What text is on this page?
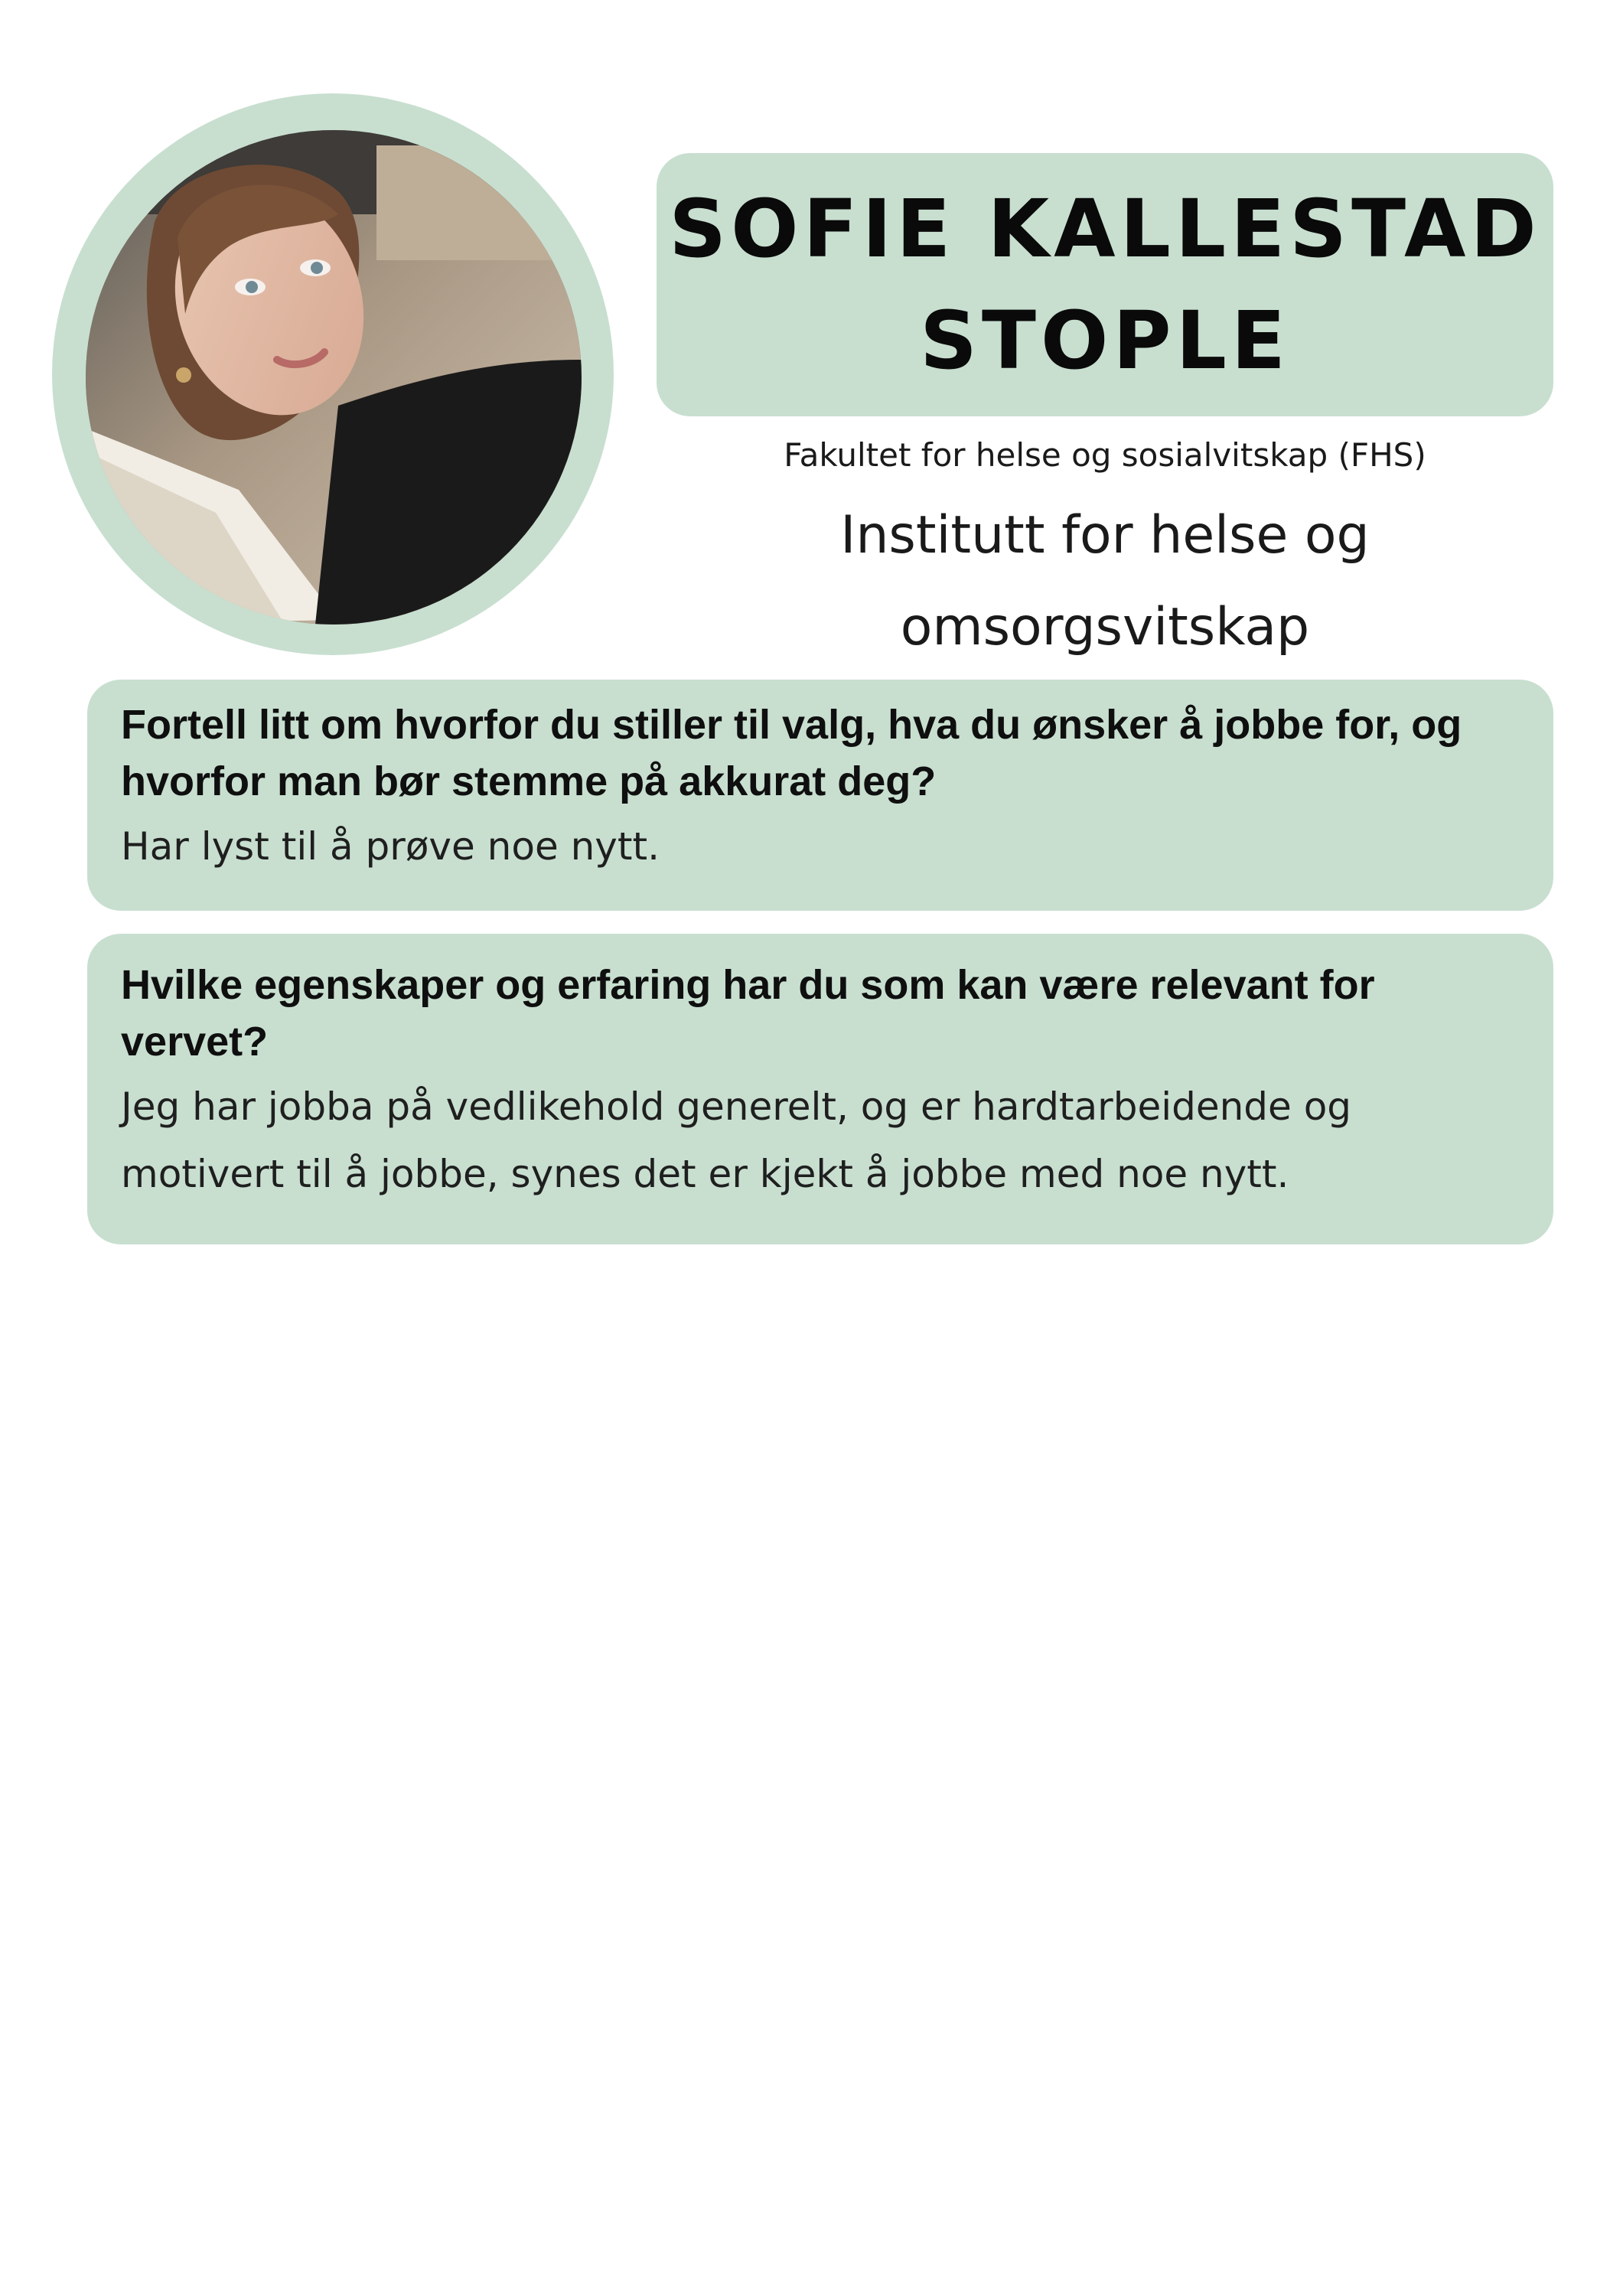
SOFIE KALLESTAD
STOPLE
Fakultet for helse og sosialvitskap (FHS)
Institutt for helse og
omsorgsvitskap
Fortell litt om hvorfor du stiller til valg, hva du ønsker å jobbe for, og hvorfor man bør stemme på akkurat deg?
Har lyst til å prøve noe nytt.
Hvilke egenskaper og erfaring har du som kan være relevant for vervet?
Jeg har jobba på vedlikehold generelt, og er hardtarbeidende og motivert til å jobbe, synes det er kjekt å jobbe med noe nytt.
